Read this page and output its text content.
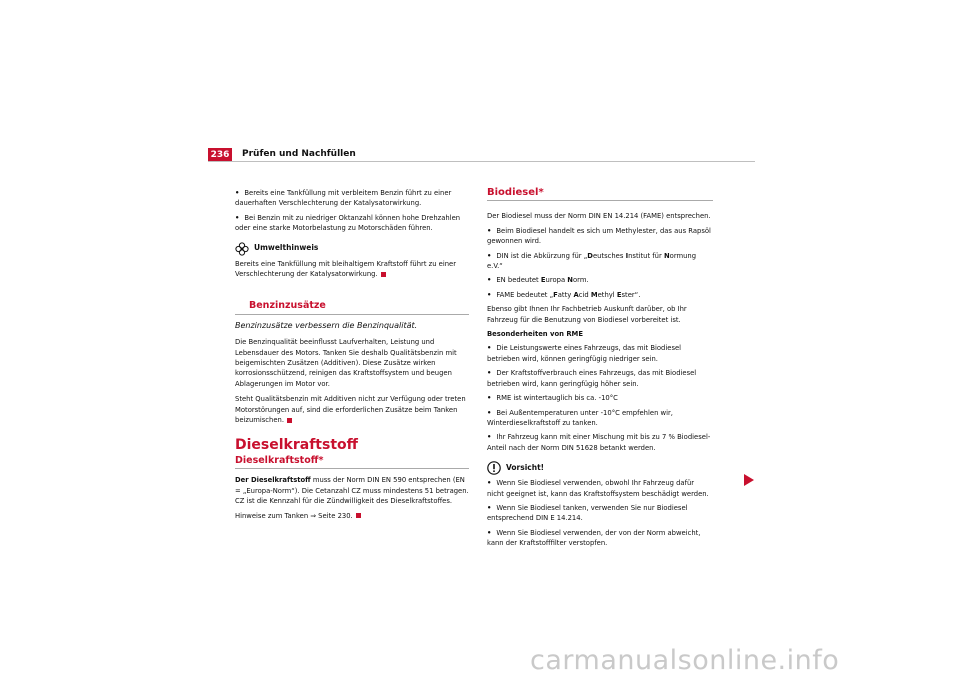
236 Prüfen und Nachfüllen

• Bereits eine Tankfüllung mit verbleitem Benzin führt zu einer dauerhaften Verschlechterung der Katalysatorwirkung.

• Bei Benzin mit zu niedriger Oktanzahl können hohe Drehzahlen oder eine starke Motorbelastung zu Motorschäden führen.

Umwelthinweis

Bereits eine Tankfüllung mit bleihaltigem Kraftstoff führt zu einer Verschlechterung der Katalysatorwirkung.

Benzinzusätze
Benzinzusätze verbessern die Benzinqualität.

Die Benzinqualität beeinflusst Laufverhalten, Leistung und Lebensdauer des Motors. Tanken Sie deshalb Qualitätsbenzin mit beigemischten Zusätzen (Additiven). Diese Zusätze wirken korrosionsschützend, reinigen das Kraftstoffsystem und beugen Ablagerungen im Motor vor.

Steht Qualitätsbenzin mit Additiven nicht zur Verfügung oder treten Motorstörungen auf, sind die erforderlichen Zusätze beim Tanken beizumischen.

Dieselkraftstoff
Dieselkraftstoff*

Der Dieselkraftstoff muss der Norm DIN EN 590 entsprechen (EN = „Europa-Norm“). Die Cetanzahl CZ muss mindestens 51 betragen. CZ ist die Kennzahl für die Zündwilligkeit des Dieselkraftstoffes.

Hinweise zum Tanken ⇒ Seite 230.

Biodiesel*

Der Biodiesel muss der Norm DIN EN 14.214 (FAME) entsprechen.

• Beim Biodiesel handelt es sich um Methylester, das aus Rapsöl gewonnen wird.

• DIN ist die Abkürzung für „Deutsches Institut für Normung e.V.“

• EN bedeutet Europa Norm.

• FAME bedeutet „Fatty Acid Methyl Ester“.

Ebenso gibt Ihnen Ihr Fachbetrieb Auskunft darüber, ob Ihr Fahrzeug für die Benutzung von Biodiesel vorbereitet ist.

Besonderheiten von RME

• Die Leistungswerte eines Fahrzeugs, das mit Biodiesel betrieben wird, können geringfügig niedriger sein.

• Der Kraftstoffverbrauch eines Fahrzeugs, das mit Biodiesel betrieben wird, kann geringfügig höher sein.

• RME ist wintertauglich bis ca. -10°C

• Bei Außentemperaturen unter -10°C empfehlen wir, Winterdieselkraftstoff zu tanken.

• Ihr Fahrzeug kann mit einer Mischung mit bis zu 7 % Biodiesel-Anteil nach der Norm DIN 51628 betankt werden.

Vorsicht!

• Wenn Sie Biodiesel verwenden, obwohl Ihr Fahrzeug dafür nicht geeignet ist, kann das Kraftstoffsystem beschädigt werden.

• Wenn Sie Biodiesel tanken, verwenden Sie nur Biodiesel entsprechend DIN E 14.214.

• Wenn Sie Biodiesel verwenden, der von der Norm abweicht, kann der Kraftstofffilter verstopfen.

carmanualsonline.info
